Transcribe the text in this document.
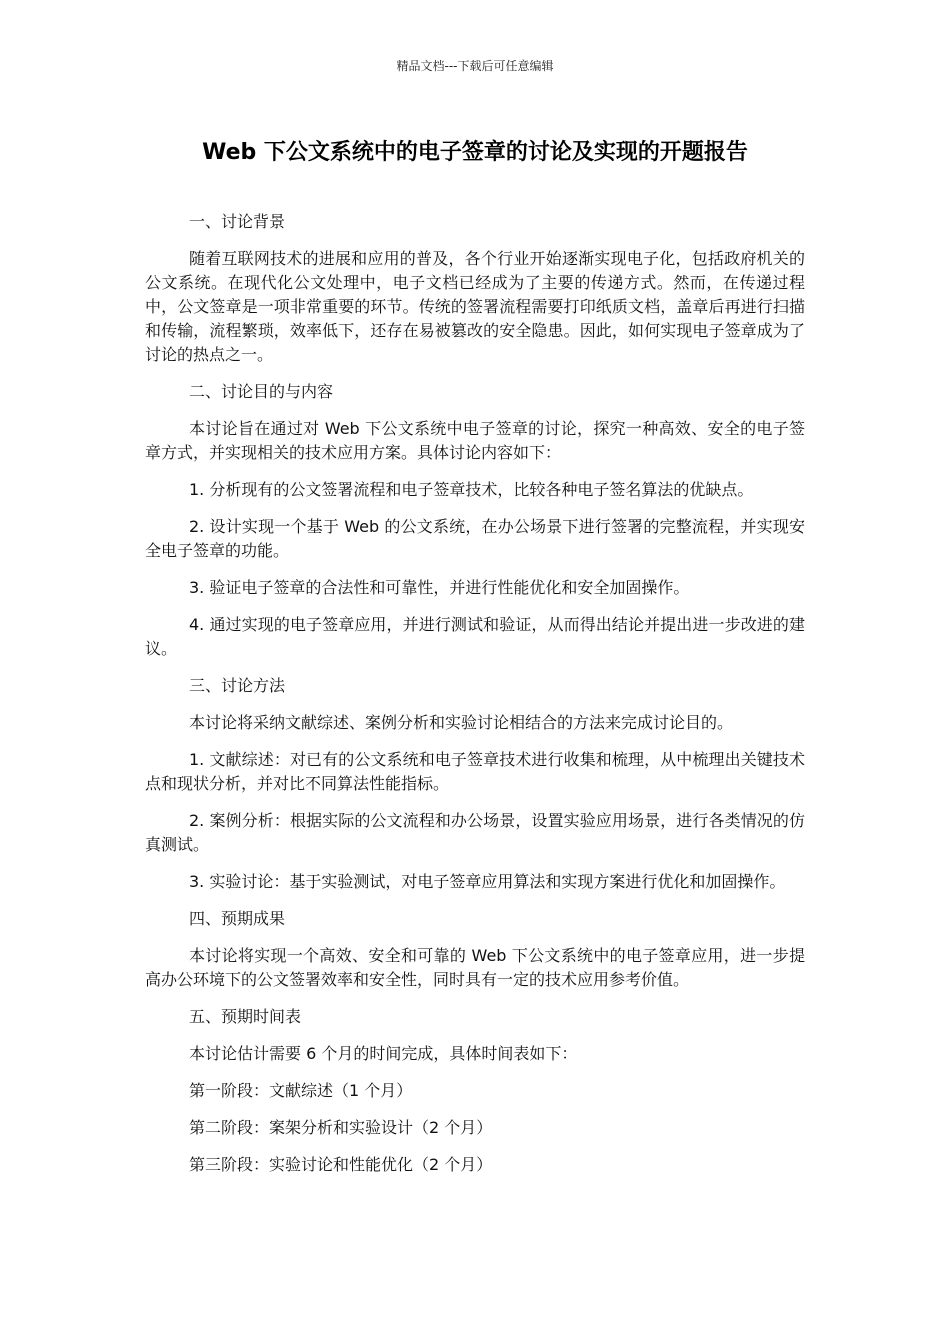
精品文档---下载后可任意编辑
Web 下公文系统中的电子签章的讨论及实现的开题报告
一、讨论背景

随着互联网技术的进展和应用的普及，各个行业开始逐渐实现电子化，包括政府机关的公文系统。在现代化公文处理中，电子文档已经成为了主要的传递方式。然而，在传递过程中，公文签章是一项非常重要的环节。传统的签署流程需要打印纸质文档，盖章后再进行扫描和传输，流程繁琐，效率低下，还存在易被篡改的安全隐患。因此，如何实现电子签章成为了讨论的热点之一。

二、讨论目的与内容

本讨论旨在通过对 Web 下公文系统中电子签章的讨论，探究一种高效、安全的电子签章方式，并实现相关的技术应用方案。具体讨论内容如下：

1. 分析现有的公文签署流程和电子签章技术，比较各种电子签名算法的优缺点。

2. 设计实现一个基于 Web 的公文系统，在办公场景下进行签署的完整流程，并实现安全电子签章的功能。

3. 验证电子签章的合法性和可靠性，并进行性能优化和安全加固操作。

4. 通过实现的电子签章应用，并进行测试和验证，从而得出结论并提出进一步改进的建议。

三、讨论方法

本讨论将采纳文献综述、案例分析和实验讨论相结合的方法来完成讨论目的。

1. 文献综述：对已有的公文系统和电子签章技术进行收集和梳理，从中梳理出关键技术点和现状分析，并对比不同算法性能指标。

2. 案例分析：根据实际的公文流程和办公场景，设置实验应用场景，进行各类情况的仿真测试。

3. 实验讨论：基于实验测试，对电子签章应用算法和实现方案进行优化和加固操作。

四、预期成果

本讨论将实现一个高效、安全和可靠的 Web 下公文系统中的电子签章应用，进一步提高办公环境下的公文签署效率和安全性，同时具有一定的技术应用参考价值。

五、预期时间表

本讨论估计需要 6 个月的时间完成，具体时间表如下：

第一阶段：文献综述（1 个月）

第二阶段：案架分析和实验设计（2 个月）

第三阶段：实验讨论和性能优化（2 个月）
